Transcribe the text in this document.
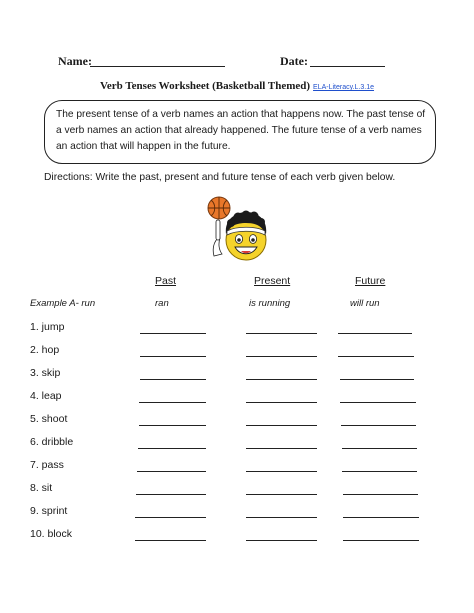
Name:	Date:
Verb Tenses Worksheet (Basketball Themed) ELA-Literacy.L.3.1e
The present tense of a verb names an action that happens now. The past tense of a verb names an action that already happened. The future tense of a verb names an action that will happen in the future.
Directions: Write the past, present and future tense of each verb given below.
Past	Present	Future
Example A- run	ran	is running	will run
1. jump
2. hop
3. skip
4. leap
5. shoot
6. dribble
7. pass
8. sit
9. sprint
10. block
